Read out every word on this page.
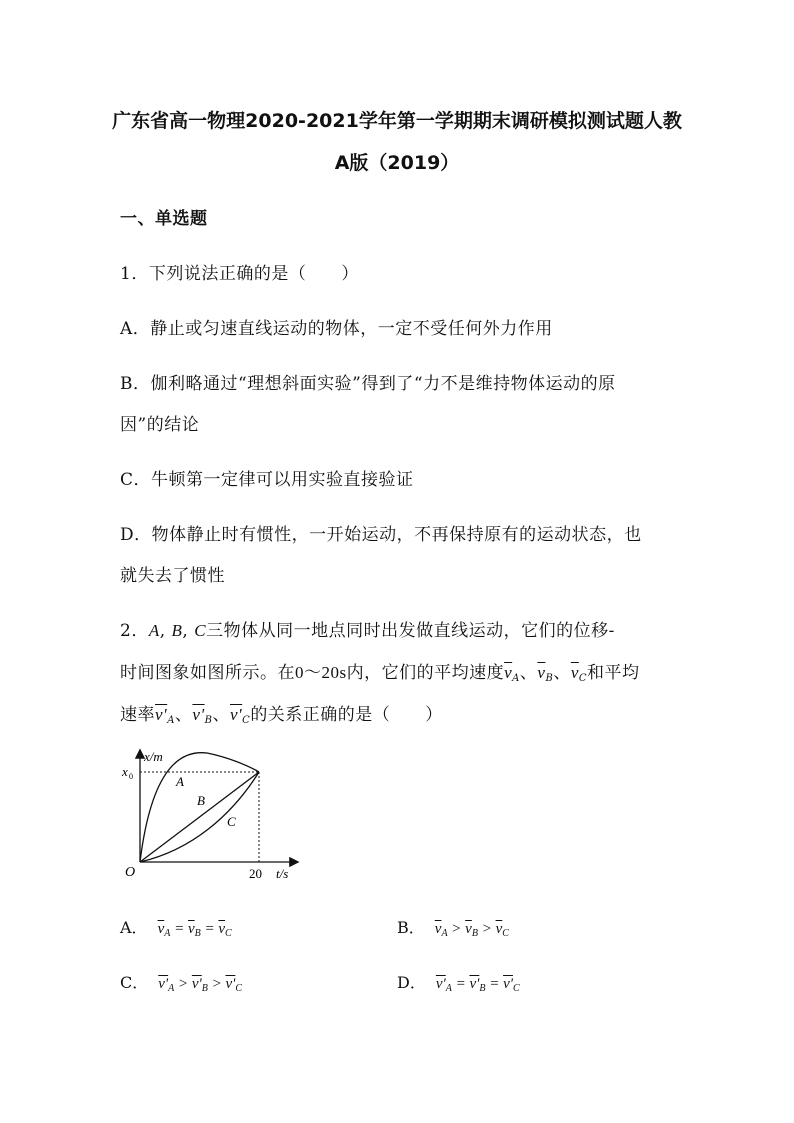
广东省高一物理2020-2021学年第一学期期末调研模拟测试题人教
A版（2019）
一、单选题
1．下列说法正确的是（　　）
A．静止或匀速直线运动的物体，一定不受任何外力作用
B．伽利略通过“理想斜面实验”得到了“力不是维持物体运动的原
因”的结论
C．牛顿第一定律可以用实验直接验证
D．物体静止时有惯性，一开始运动，不再保持原有的运动状态，也
就失去了惯性
2．A, B, C三物体从同一地点同时出发做直线运动，它们的位移-
时间图象如图所示。在0～20s内，它们的平均速度$\overline{v}_A$、$\overline{v}_B$、$\overline{v}_C$和平均
速率$v'_A$、$v'_B$、$v'_C$的关系正确的是（　　）
x/m
x 0	A
B
C
O	20 t/s
A． $\overline{v}_A = \overline{v}_B = \overline{v}_C$	B． $\overline{v}_A > \overline{v}_B > \overline{v}_C$
C． $v'_A > v'_B > v'_C$	D． $v'_A = v'_B = v'_C$
